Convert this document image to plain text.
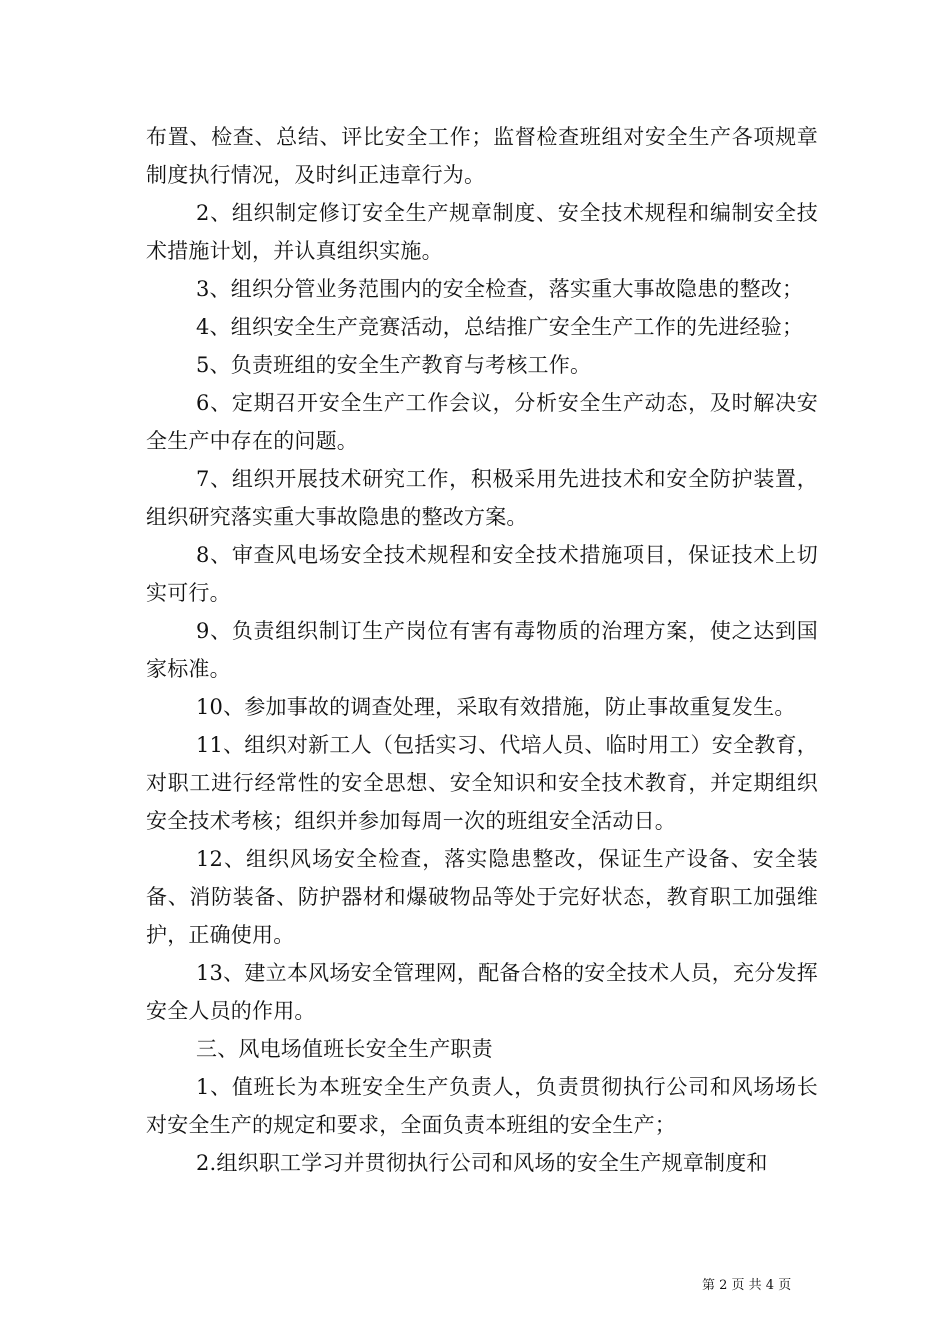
布置、检查、总结、评比安全工作；监督检查班组对安全生产各项规章制度执行情况，及时纠正违章行为。

2、组织制定修订安全生产规章制度、安全技术规程和编制安全技术措施计划，并认真组织实施。

3、组织分管业务范围内的安全检查，落实重大事故隐患的整改；

4、组织安全生产竞赛活动，总结推广安全生产工作的先进经验；

5、负责班组的安全生产教育与考核工作。

6、定期召开安全生产工作会议，分析安全生产动态，及时解决安全生产中存在的问题。

7、组织开展技术研究工作，积极采用先进技术和安全防护装置，组织研究落实重大事故隐患的整改方案。

8、审查风电场安全技术规程和安全技术措施项目，保证技术上切实可行。

9、负责组织制订生产岗位有害有毒物质的治理方案，使之达到国家标准。

10、参加事故的调查处理，采取有效措施，防止事故重复发生。

11、组织对新工人（包括实习、代培人员、临时用工）安全教育，对职工进行经常性的安全思想、安全知识和安全技术教育，并定期组织安全技术考核；组织并参加每周一次的班组安全活动日。

12、组织风场安全检查，落实隐患整改，保证生产设备、安全装备、消防装备、防护器材和爆破物品等处于完好状态，教育职工加强维护，正确使用。

13、建立本风场安全管理网，配备合格的安全技术人员，充分发挥安全人员的作用。

三、风电场值班长安全生产职责

1、值班长为本班安全生产负责人，负责贯彻执行公司和风场场长对安全生产的规定和要求，全面负责本班组的安全生产；

2.组织职工学习并贯彻执行公司和风场的安全生产规章制度和

第 2 页 共 4 页
